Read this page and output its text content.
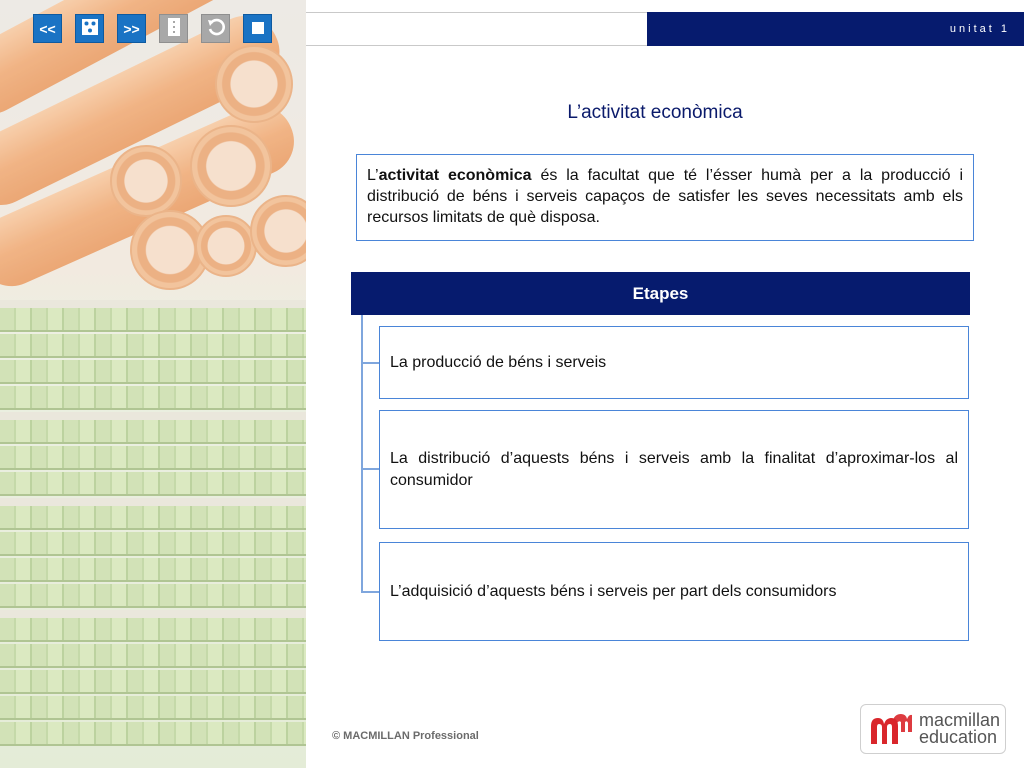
<<	>>	unitat 1
L’activitat econòmica
L’activitat econòmica és la facultat que té l’ésser humà per a la producció i distribució de béns i serveis capaços de satisfer les seves necessitats amb els recursos limitats de què disposa.
Etapes
La producció de béns i serveis
La distribució d’aquests béns i serveis amb la finalitat d’aproximar-los al consumidor
L’adquisició d’aquests béns i serveis per part dels consumidors
© MACMILLAN Professional
macmillan
education
